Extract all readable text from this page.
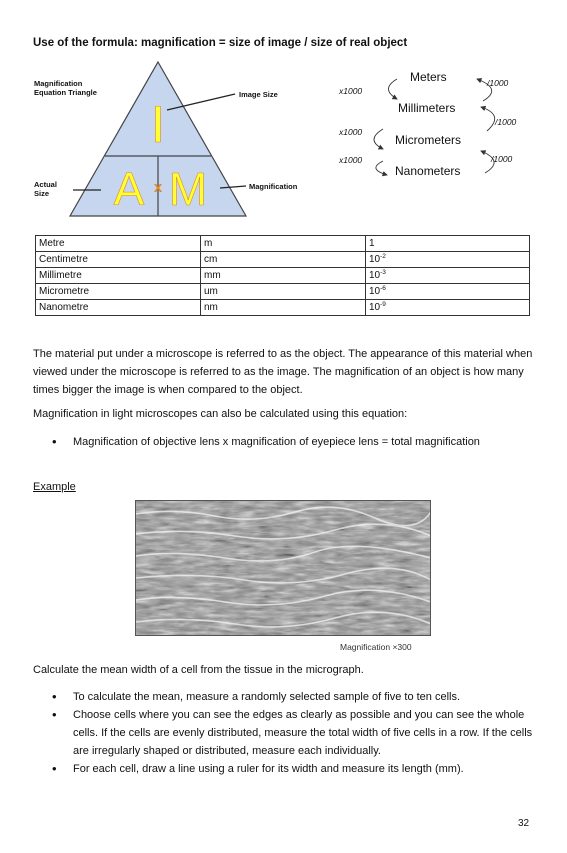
Use of the formula: magnification = size of image / size of real object
I
A x M
Magnification
Equation Triangle	Image Size
Magnification
Actual
Size
Meters
Millimeters
Micrometers
Nanometers
x1000
x1000
x1000
/1000
/1000
/1000
Metre	m	1
Centimetre	cm	$10^{-2}$
Millimetre	mm	$10^{-3}$
Micrometre	um	$10^{-6}$
Nanometre	nm	$10^{-9}$
The material put under a microscope is referred to as the object. The appearance of this material when viewed under the microscope is referred to as the image. The magnification of an object is how many times bigger the image is when compared to the object.
Magnification in light microscopes can also be calculated using this equation:
• Magnification of objective lens x magnification of eyepiece lens = total magnification
Example
Magnification ×300
Calculate the mean width of a cell from the tissue in the micrograph.
• To calculate the mean, measure a randomly selected sample of five to ten cells.
• Choose cells where you can see the edges as clearly as possible and you can see the whole cells. If the cells are evenly distributed, measure the total width of five cells in a row. If the cells are irregularly shaped or distributed, measure each individually.
• For each cell, draw a line using a ruler for its width and measure its length (mm).
32
